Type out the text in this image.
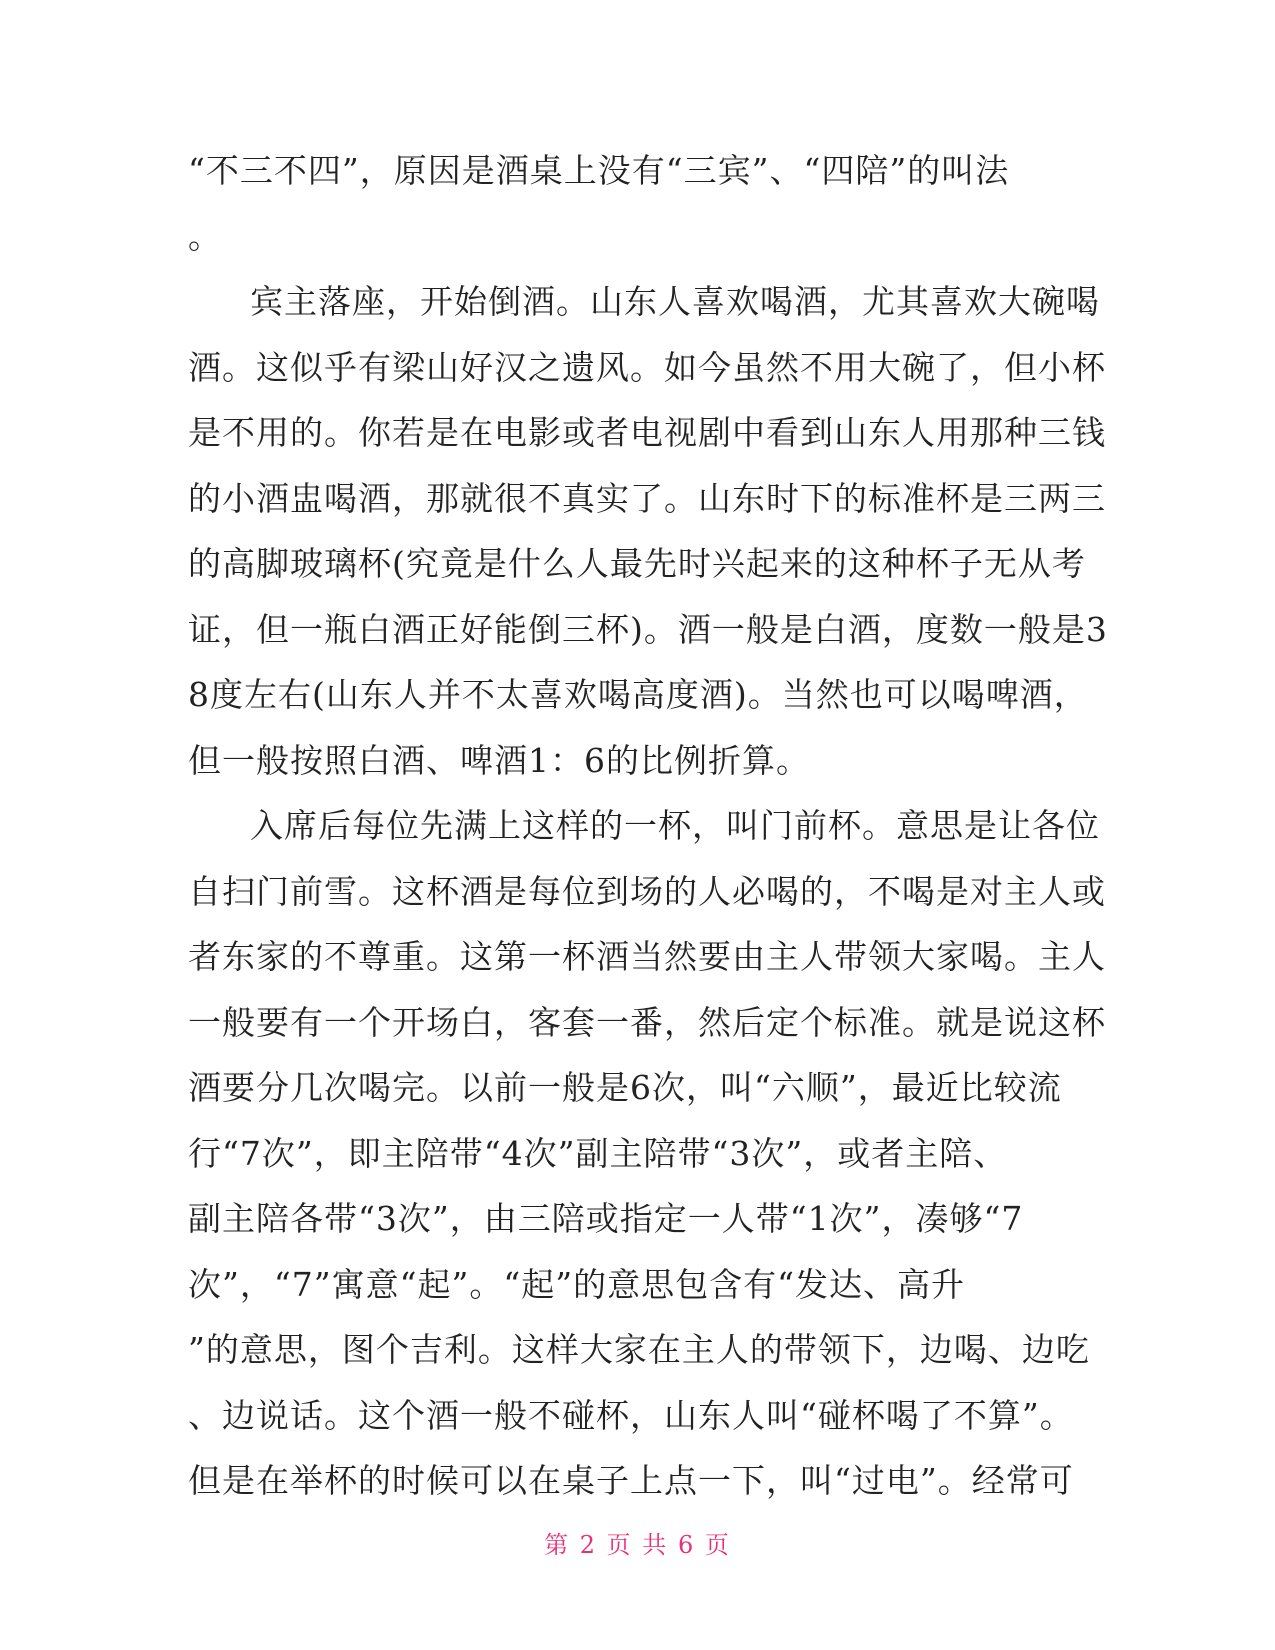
“不三不四”，原因是酒桌上没有“三宾”、“四陪”的叫法
。
宾主落座，开始倒酒。山东人喜欢喝酒，尤其喜欢大碗喝
酒。这似乎有梁山好汉之遗风。如今虽然不用大碗了，但小杯
是不用的。你若是在电影或者电视剧中看到山东人用那种三钱
的小酒盅喝酒，那就很不真实了。山东时下的标准杯是三两三
的高脚玻璃杯(究竟是什么人最先时兴起来的这种杯子无从考
证，但一瓶白酒正好能倒三杯)。酒一般是白酒，度数一般是3
8度左右(山东人并不太喜欢喝高度酒)。当然也可以喝啤酒，
但一般按照白酒、啤酒1：6的比例折算。
入席后每位先满上这样的一杯，叫门前杯。意思是让各位
自扫门前雪。这杯酒是每位到场的人必喝的，不喝是对主人或
者东家的不尊重。这第一杯酒当然要由主人带领大家喝。主人
一般要有一个开场白，客套一番，然后定个标准。就是说这杯
酒要分几次喝完。以前一般是6次，叫“六顺”，最近比较流
行“7次”，即主陪带“4次”副主陪带“3次”，或者主陪、
副主陪各带“3次”，由三陪或指定一人带“1次”，凑够“7
次”，“7”寓意“起”。“起”的意思包含有“发达、高升
”的意思，图个吉利。这样大家在主人的带领下，边喝、边吃
、边说话。这个酒一般不碰杯，山东人叫“碰杯喝了不算”。
但是在举杯的时候可以在桌子上点一下，叫“过电”。经常可
第 2 页 共 6 页
